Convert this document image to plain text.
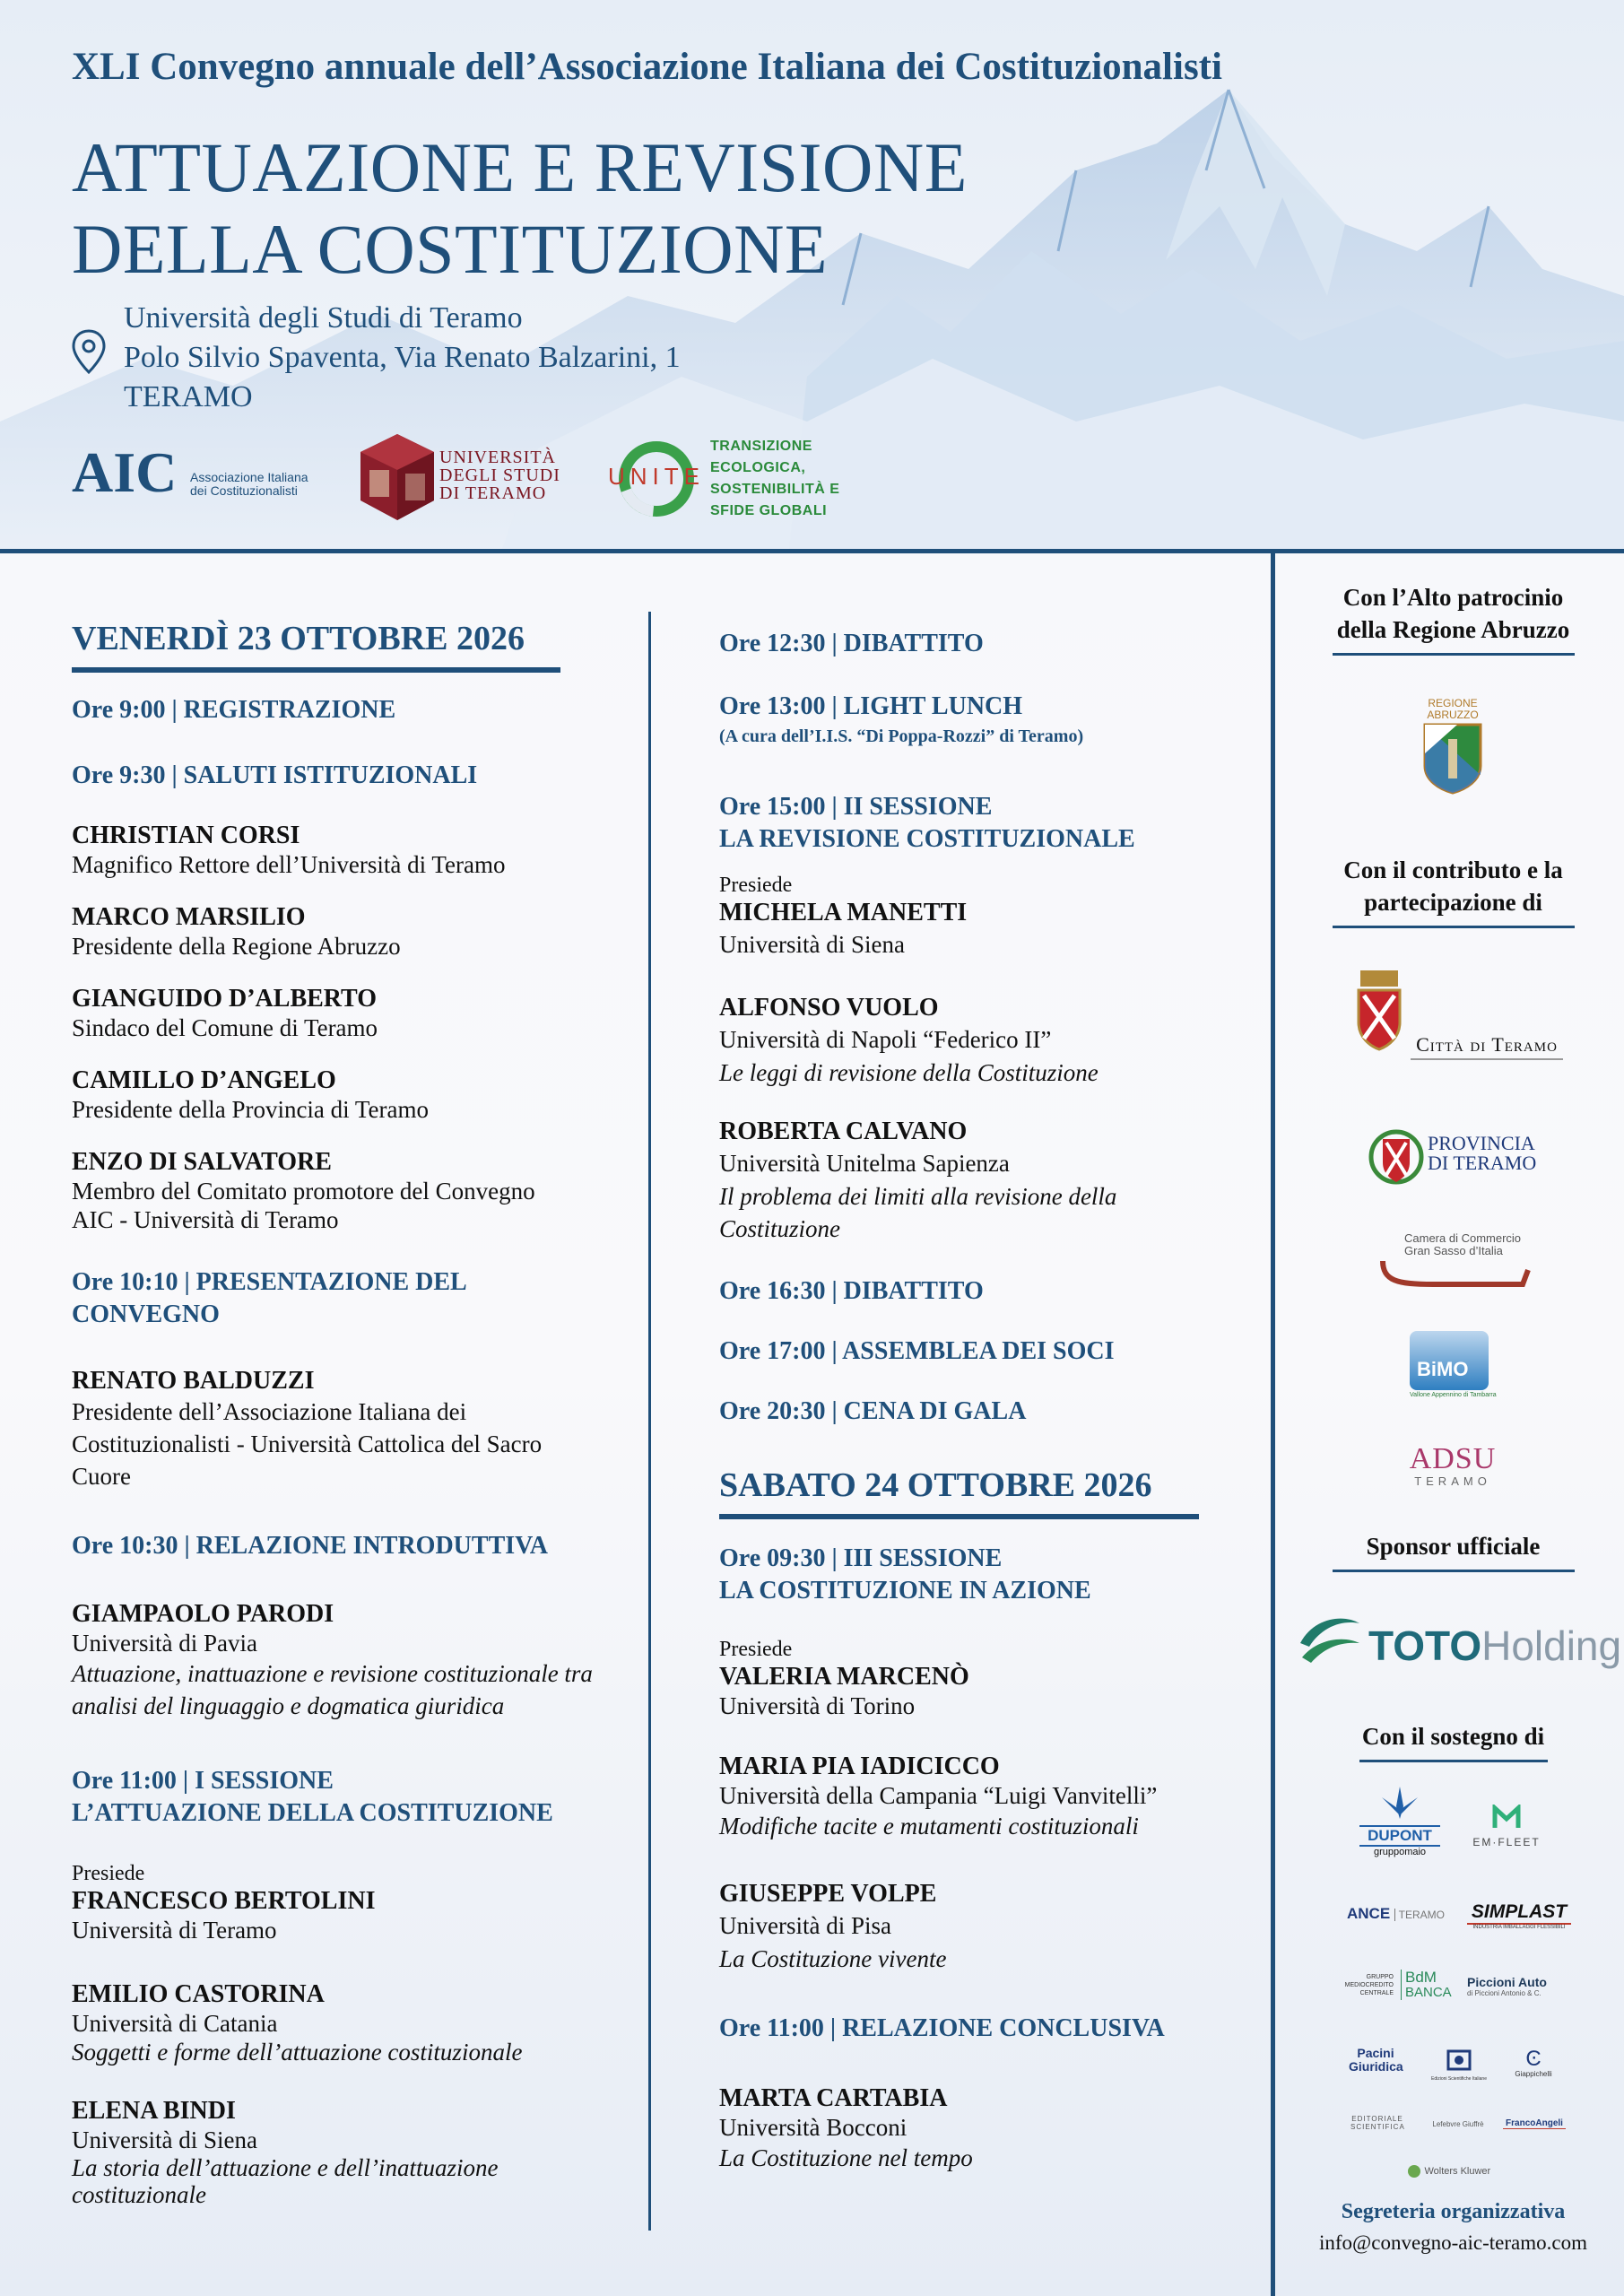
XLI Convegno annuale dell’Associazione Italiana dei Costituzionalisti
ATTUAZIONE E REVISIONE
DELLA COSTITUZIONE
Università degli Studi di Teramo
Polo Silvio Spaventa, Via Renato Balzarini, 1
TERAMO
AIC Associazione Italiana
dei Costituzionalisti
UNIVERSITÀ
DEGLI STUDI
DI TERAMO
UNITE
TRANSIZIONE
ECOLOGICA,
SOSTENIBILITÀ E
SFIDE GLOBALI
VENERDÌ 23 OTTOBRE 2026
Ore 9:00 | REGISTRAZIONE
Ore 9:30 | SALUTI ISTITUZIONALI
CHRISTIAN CORSI
Magnifico Rettore dell’Università di Teramo
MARCO MARSILIO
Presidente della Regione Abruzzo
GIANGUIDO D’ALBERTO
Sindaco del Comune di Teramo
CAMILLO D’ANGELO
Presidente della Provincia di Teramo
ENZO DI SALVATORE
Membro del Comitato promotore del Convegno AIC - Università di Teramo
Ore 10:10 | PRESENTAZIONE DEL CONVEGNO
RENATO BALDUZZI
Presidente dell’Associazione Italiana dei Costituzionalisti - Università Cattolica del Sacro Cuore
Ore 10:30 | RELAZIONE INTRODUTTIVA
GIAMPAOLO PARODI
Università di Pavia
Attuazione, inattuazione e revisione costituzionale tra analisi del linguaggio e dogmatica giuridica
Ore 11:00 | I SESSIONE
L’ATTUAZIONE DELLA COSTITUZIONE
Presiede
FRANCESCO BERTOLINI
Università di Teramo
EMILIO CASTORINA
Università di Catania
Soggetti e forme dell’attuazione costituzionale
ELENA BINDI
Università di Siena
La storia dell’attuazione e dell’inattuazione costituzionale
Ore 12:30 | DIBATTITO
Ore 13:00 | LIGHT LUNCH
(A cura dell’I.I.S. “Di Poppa-Rozzi” di Teramo)
Ore 15:00 | II SESSIONE
LA REVISIONE COSTITUZIONALE
Presiede
MICHELA MANETTI
Università di Siena
ALFONSO VUOLO
Università di Napoli “Federico II”
Le leggi di revisione della Costituzione
ROBERTA CALVANO
Università Unitelma Sapienza
Il problema dei limiti alla revisione della Costituzione
Ore 16:30 | DIBATTITO
Ore 17:00 | ASSEMBLEA DEI SOCI
Ore 20:30 | CENA DI GALA
SABATO 24 OTTOBRE 2026
Ore 09:30 | III SESSIONE
LA COSTITUZIONE IN AZIONE
Presiede
VALERIA MARCENÒ
Università di Torino
MARIA PIA IADICICCO
Università della Campania “Luigi Vanvitelli”
Modifiche tacite e mutamenti costituzionali
GIUSEPPE VOLPE
Università di Pisa
La Costituzione vivente
Ore 11:00 | RELAZIONE CONCLUSIVA
MARTA CARTABIA
Università Bocconi
La Costituzione nel tempo
Con l’Alto patrocinio
della Regione Abruzzo
REGIONE
ABRUZZO
Con il contributo e la
partecipazione di
Città di Teramo
PROVINCIA
DI TERAMO
Camera di Commercio
Gran Sasso d’Italia
BiMO
Vallone Appennino di Tambarra
ADSU
TERAMO
Sponsor ufficiale
TOTOHolding
Con il sostegno di
DUPONT
gruppomaio
EM·FLEET
ANCE TERAMO	SIMPLAST
INDUSTRIA IMBALLAGGI FLESSIBILI
GRUPPO MEDIOCREDITO CENTRALE
BdM
BANCA
Piccioni Auto
di Piccioni Antonio & C.
Pacini
Giuridica
Edizioni Scientifiche Italiane
Ͼ
Giappichelli
EDITORIALE SCIENTIFICA	Lefebvre Giuffrè	FrancoAngeli
Wolters Kluwer
Segreteria organizzativa
info@convegno-aic-teramo.com
